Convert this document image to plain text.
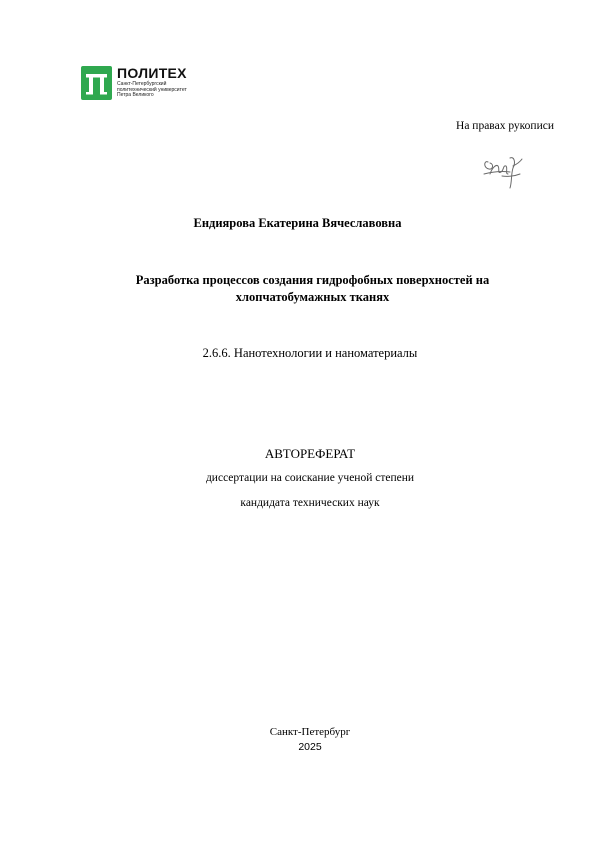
ПОЛИТЕХ
Санкт-Петербургский
политехнический университет
Петра Великого
На правах рукописи
Ендиярова Екатерина Вячеславовна
Разработка процессов создания гидрофобных поверхностей на
хлопчатобумажных тканях
2.6.6. Нанотехнологии и наноматериалы
АВТОРЕФЕРАТ
диссертации на соискание ученой степени
кандидата технических наук
Санкт-Петербург
2025
